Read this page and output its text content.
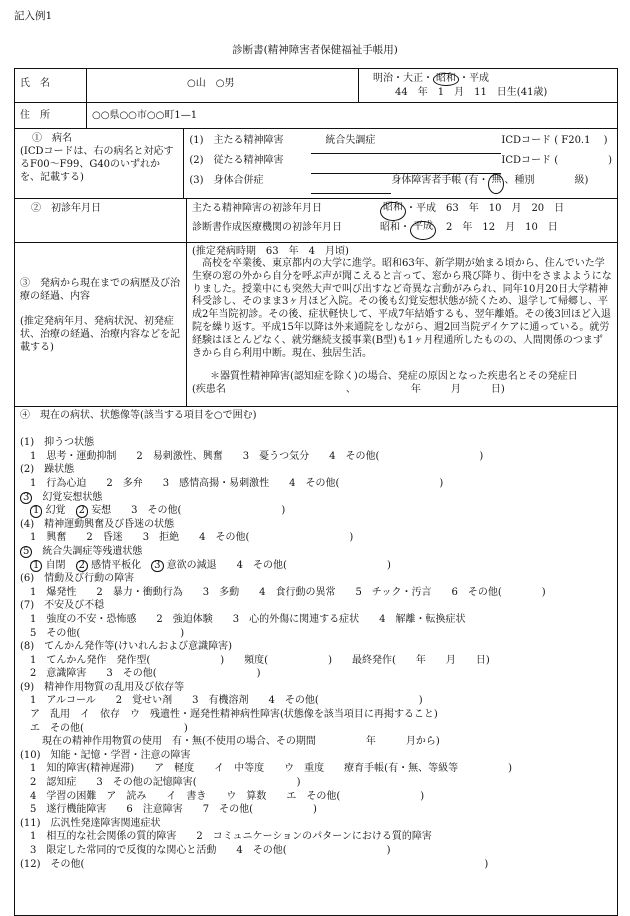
記入例1
診断書(精神障害者保健福祉手帳用)
氏　名	○山　○男	明治・大正・ 昭和 ・平成
44　年　1　月　11　日生(41歳)
住　所	○○県○○市○○町1—1
①　病名
(ICDコードは、右の病名と対応するF00〜F99、G40のいずれかを、記載する)
(1)　主たる精神障害	統合失調症	ICDコード ( F20.1　 )
(2)　従たる精神障害	ICDコード (　　　　　)
(3)　身体合併症	身体障害者手帳 (有・ 無 、種別　　　　級)
②　初診年月日	主たる精神障害の初診年月日	昭和 ・平成　63　年　10　月　20　日
診断書作成医療機関の初診年月日	昭和・ 平成 　2　年　12　月　10　日
③　発病から現在までの病歴及び治療の経過、内容
(推定発病年月、発病状況、初発症状、治療の経過、治療内容などを記載する)
(推定発病時期　63　年　4　月頃)
高校を卒業後、東京都内の大学に進学。昭和63年、新学期が始まる頃から、住んでいた学生寮の窓の外から自分を呼ぶ声が聞こえると言って、窓から飛び降り、街中をさまよようになりました。授業中にも突然大声で叫び出すなど奇異な言動がみられ、同年10月20日大学精神科受診し、そのまま3ヶ月ほど入院。その後も幻覚妄想状態が続くため、退学して帰郷し、平成2年当院初診。その後、症状軽快して、平成7年結婚するも、翌年離婚。その後3回ほど入退院を繰り返す。平成15年以降は外来通院をしながら、週2回当院デイケアに通っている。就労経験はほとんどなく、就労継続支援事業(B型)も1ヶ月程通所したものの、人間関係のつまずきから自ら利用中断。現在、独居生活。
＊器質性精神障害(認知症を除く)の場合、発症の原因となった疾患名とその発症日
(疾患名　　　　　　　　　　　　、　　　　　　年　　　月　　　日)
④　現在の病状、状態像等(該当する項目を○で囲む)
(1)　抑うつ状態
1　思考・運動抑制　　2　易刺激性、興奮　　3　憂うつ気分　　4　その他(　　　　　　　　　　)
(2)　躁状態
1　行為心迫　　2　多弁　　3　感情高揚・易刺激性　　4　その他(　　　　　　　　　　)
3　幻覚妄想状態
1 幻覚　2 妄想　　3　その他(　　　　　　　　　　)
(4)　精神運動興奮及び昏迷の状態
1　興奮　　2　昏迷　　3　拒絶　　4　その他(　　　　　　　　　　)
5　統合失調症等残遺状態
1 自閉　2 感情平板化　3 意欲の減退　　4　その他(　　　　　　　　　　)
(6)　情動及び行動の障害
1　爆発性　　2　暴力・衝動行為　　3　多動　　4　食行動の異常　　5　チック・汚言　　6　その他(　　　　)
(7)　不安及び不穏
1　強度の不安・恐怖感　　2　強迫体験　　3　心的外傷に関連する症状　　4　解離・転換症状
5　その他(　　　　　　　　　　)
(8)　てんかん発作等(けいれんおよび意識障害)
1　てんかん発作　発作型(　　　　　　　)　　頻度(　　　　　　)　　最終発作(　　年　　月　　日)
2　意識障害　　3　その他(　　　　　　　　　　)
(9)　精神作用物質の乱用及び依存等
1　アルコール　　2　覚せい剤　　3　有機溶剤　　4　その他(　　　　　　　　　　)
ア　乱用　イ　依存　ウ　残遺性・遅発性精神病性障害(状態像を該当項目に再掲すること)
エ　その他(　　　　　　　　　　)
現在の精神作用物質の使用　有・無(不使用の場合、その期間　　　　　年　　　月から)
(10)　知能・記憶・学習・注意の障害
1　知的障害(精神遅滞)　　ア　軽度　　イ　中等度　　ウ　重度　　療育手帳(有・無、等級等　　　　　)
2　認知症　　3　その他の記憶障害(　　　　　　　　　　)
4　学習の困難　ア　読み　　イ　書き　　ウ　算数　　エ　その他(　　　　　　　　)
5　遂行機能障害　　6　注意障害　　7　その他(　　　　　　)
(11)　広汎性発達障害関連症状
1　相互的な社会関係の質的障害　　2　コミュニケーションのパターンにおける質的障害
3　限定した常同的で反復的な関心と活動　　4　その他(　　　　　　　　　　)
(12)　その他(　　　　　　　　　　　　　　　　　　　　　　　　　　　　　　　　　　　　　　　　)
